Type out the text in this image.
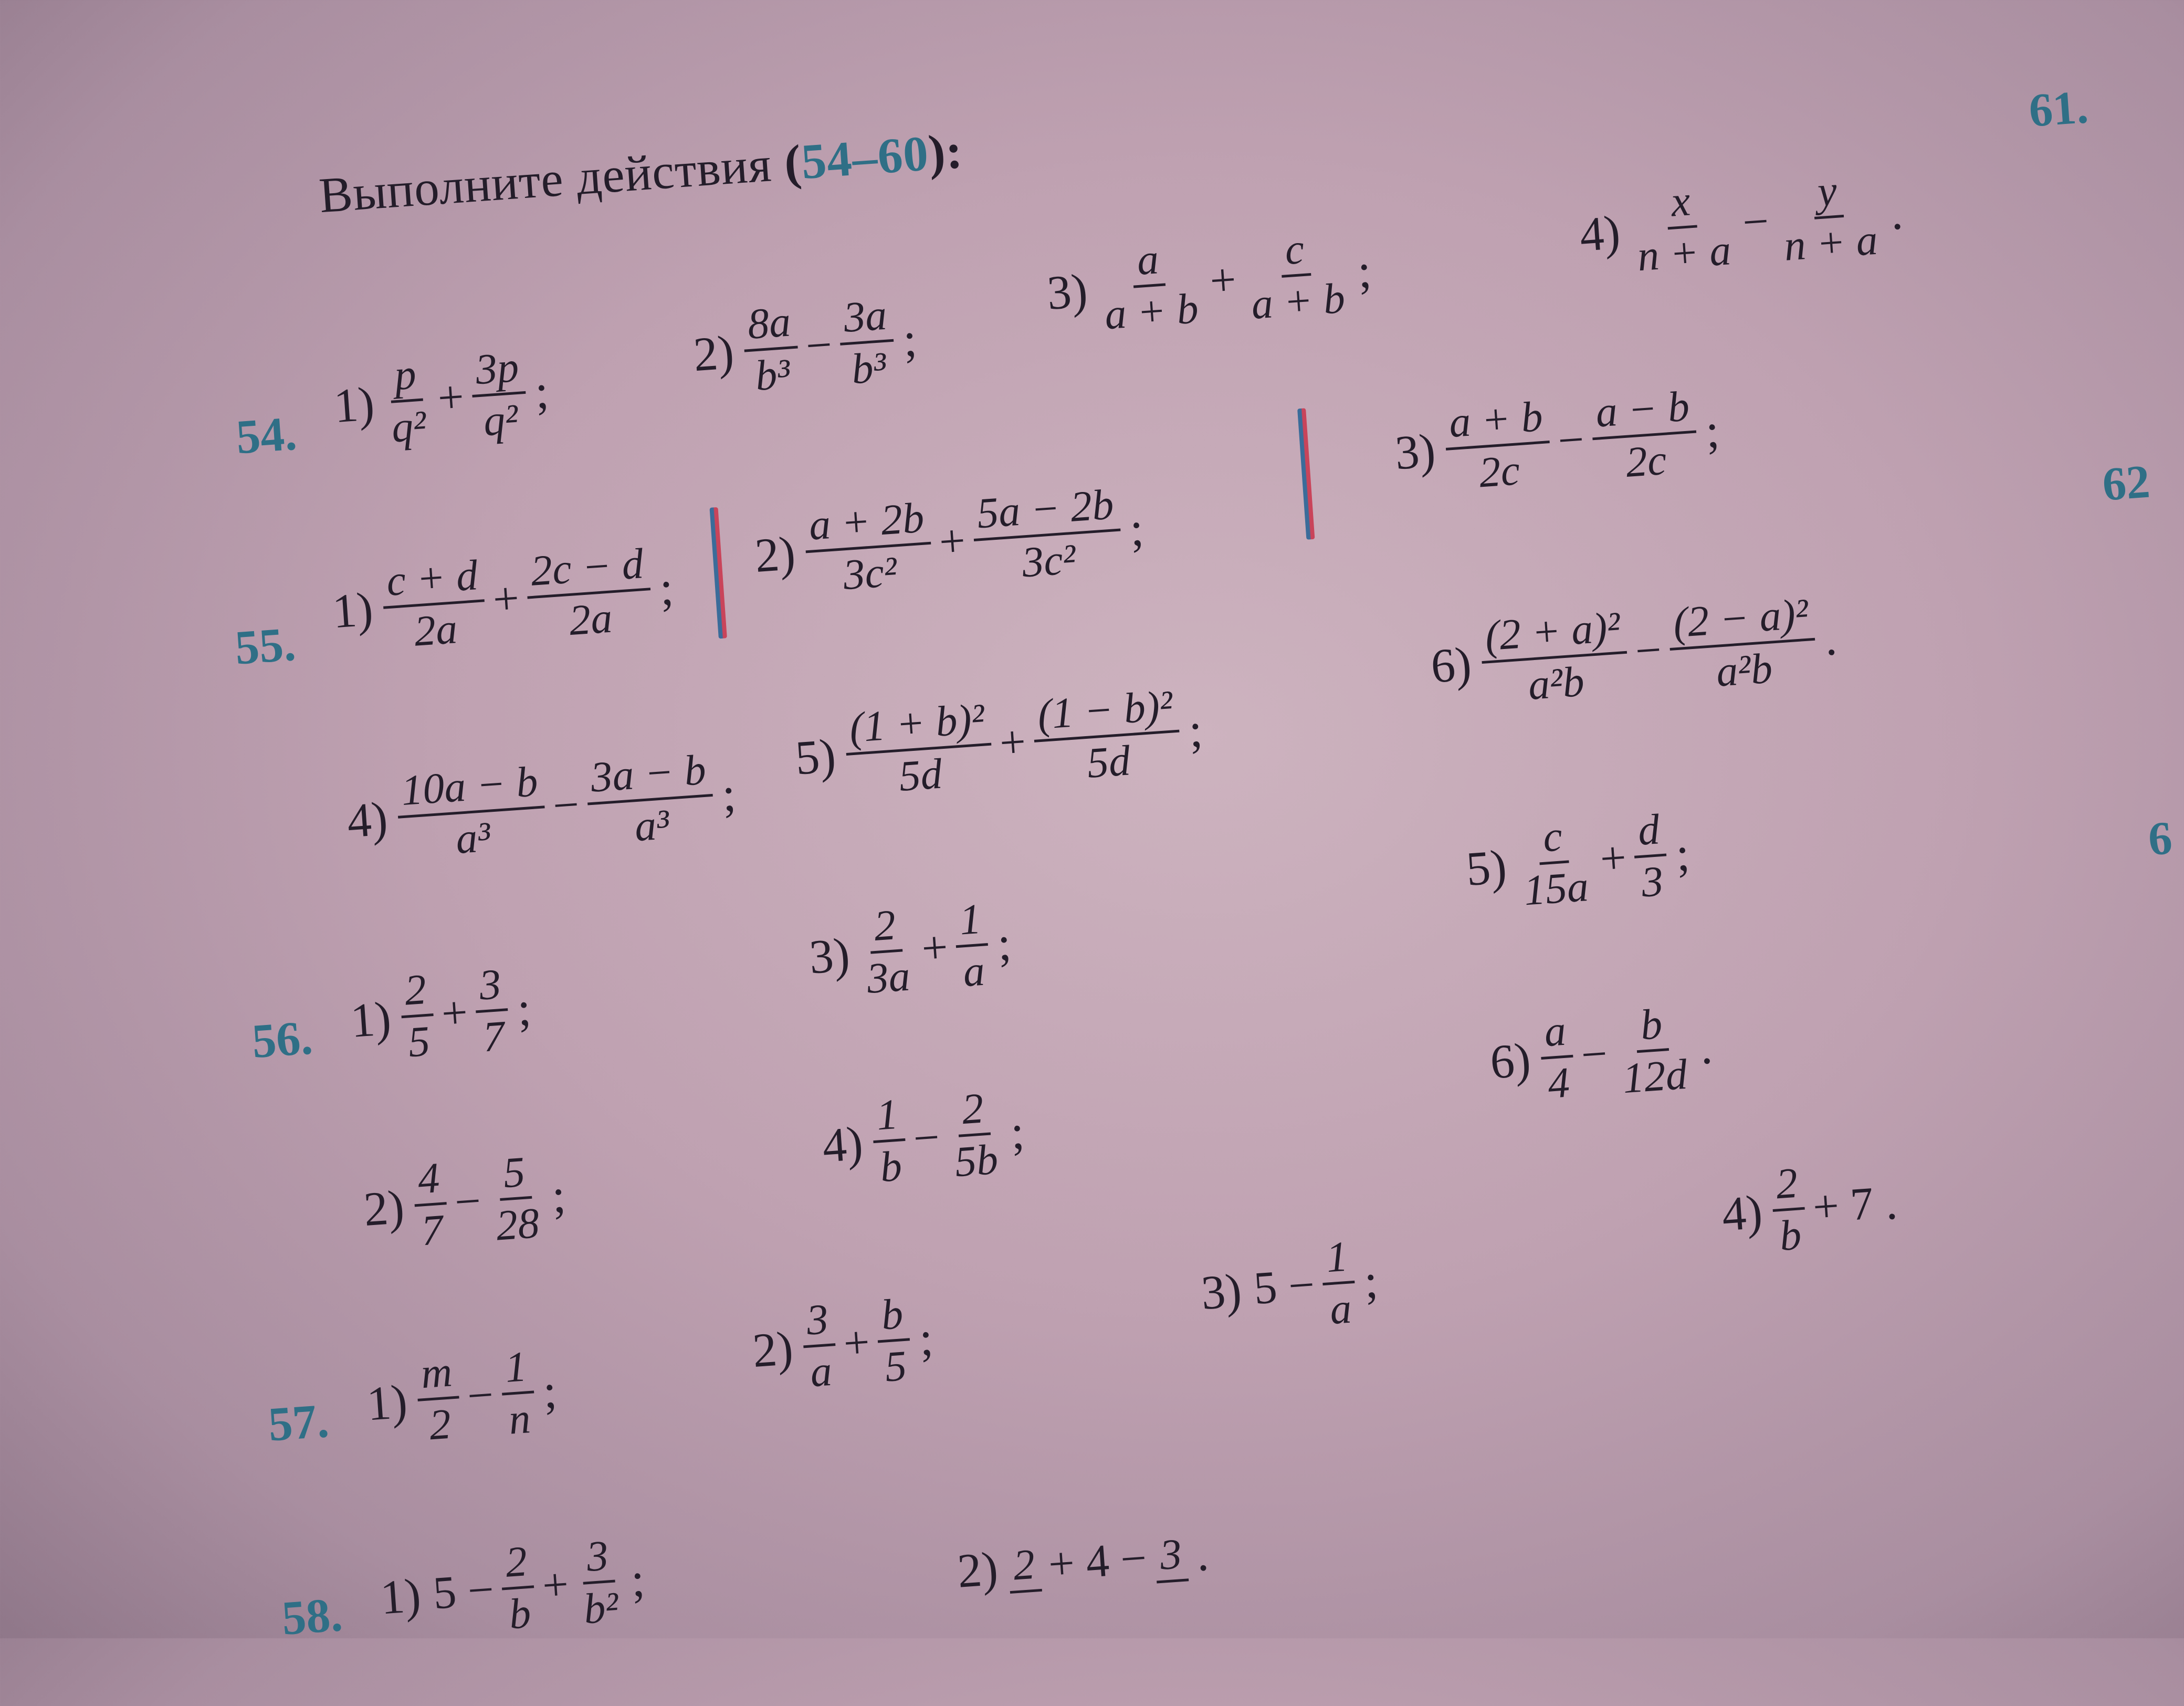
Выполните действия (54–60):
61.
62
6
54.
$1) \frac{p}{\text{q²}} + \frac{3p}{\text{q²}}$ ;
$2) \frac{8a}{\text{b³}} - \frac{3a}{\text{b³}}$ ;
$3) \frac{a}{a + b} + \frac{c}{a + b}$ ;
$4) \frac{x}{n + a} - \frac{y}{n + a}$ .
55.
$1) \frac{c + d}{2a} + \frac{2c - d}{2a}$ ;
$2) \frac{a + 2b}{\text{3c²}} + \frac{5a - 2b}{\text{3c²}}$ ;
$3) \frac{a + b}{2c} - \frac{a - b}{2c}$ ;
$4) \frac{10a - b}{\text{a³}} - \frac{3a - b}{\text{a³}}$ ;
$5) \frac{\text{(1 + b)²}}{5d} + \frac{\text{(1 − b)²}}{5d}$ ;
$6) \frac{\text{(2 + a)²}}{\text{a²b}} - \frac{\text{(2 − a)²}}{\text{a²b}}$ .
56. $1) \frac{2}{5} + \frac{3}{7}$ ;
$3) \frac{2}{3a} + \frac{1}{a}$ ;
$5) \frac{c}{15a} + \frac{d}{3}$ ;
$2) \frac{4}{7} - \frac{5}{28}$ ;
$4) \frac{1}{b} - \frac{2}{5b}$ ;
$6) \frac{a}{4} - \frac{b}{12d}$ .
57. $1) \frac{m}{2} - \frac{1}{n}$ ;
$2) \frac{3}{a} + \frac{b}{5}$ ;
3) $5 - \frac{1}{a}$ ;
$4) \frac{2}{b} + 7$ .
58. 1) $5 - \frac{2}{b} + \frac{3}{\text{b²}}$ ;	2) 2 + 4 − 3 .
